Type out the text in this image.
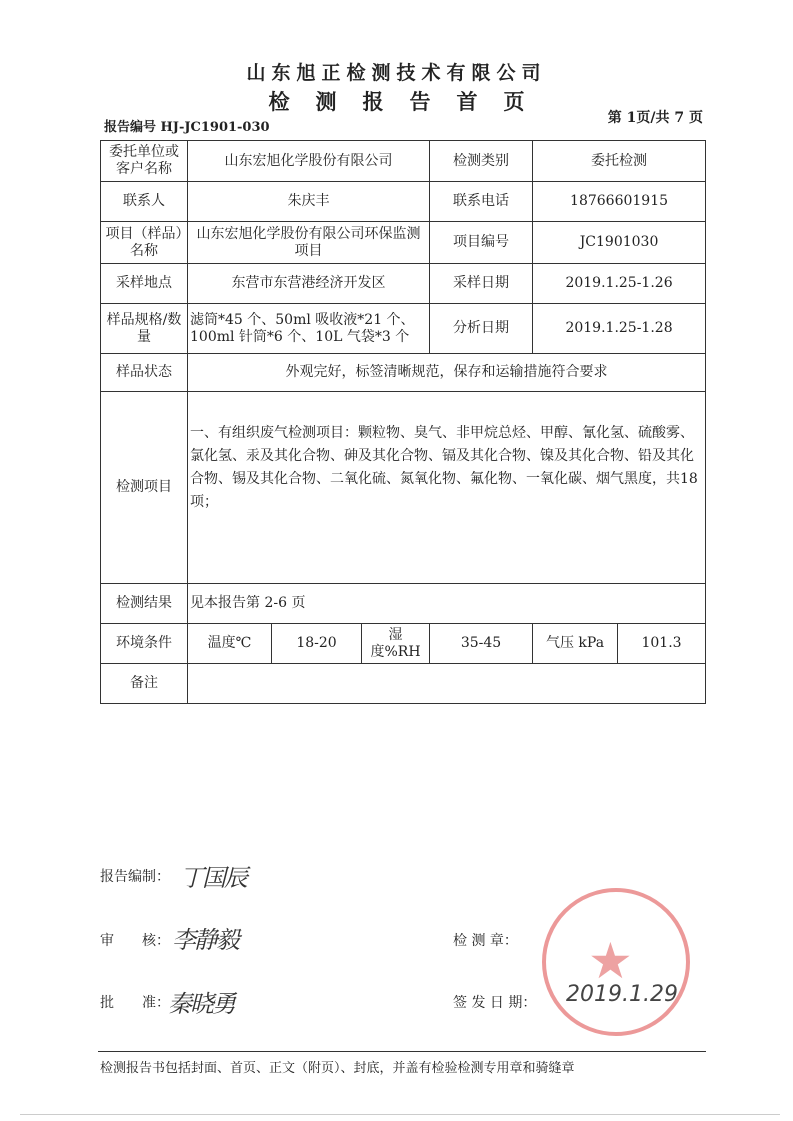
山东旭正检测技术有限公司
检测报告首页
报告编号 HJ-JC1901-030
第 1页/共 7 页
委托单位或客户名称	山东宏旭化学股份有限公司			检测类别	委托检测	
联系人	朱庆丰			联系电话	18766601915	
项目（样品）名称	山东宏旭化学股份有限公司环保监测项目			项目编号	JC1901030	
采样地点	东营市东营港经济开发区			采样日期	2019.1.25-1.26	
样品规格/数量	滤筒*45 个、50ml 吸收液*21 个、100ml 针筒*6 个、10L 气袋*3 个			分析日期	2019.1.25-1.28	
样品状态	外观完好，标签清晰规范，保存和运输措施符合要求					
检测项目	一、有组织废气检测项目：颗粒物、臭气、非甲烷总烃、甲醇、氰化氢、硫酸雾、氯化氢、汞及其化合物、砷及其化合物、镉及其化合物、镍及其化合物、铅及其化合物、锡及其化合物、二氧化硫、氮氧化物、氟化物、一氧化碳、烟气黑度，共18项；					
检测结果	见本报告第 2-6 页					
环境条件	温度℃	18-20	湿度%RH	35-45	气压 kPa	101.3
备注						
报告编制： 丁国辰
审　　核： 李静毅
批　　准：
秦晓勇
★
检 测 章：
签 发 日 期： 2019.1.29
检测报告书包括封面、首页、正文（附页）、封底，并盖有检验检测专用章和骑缝章
